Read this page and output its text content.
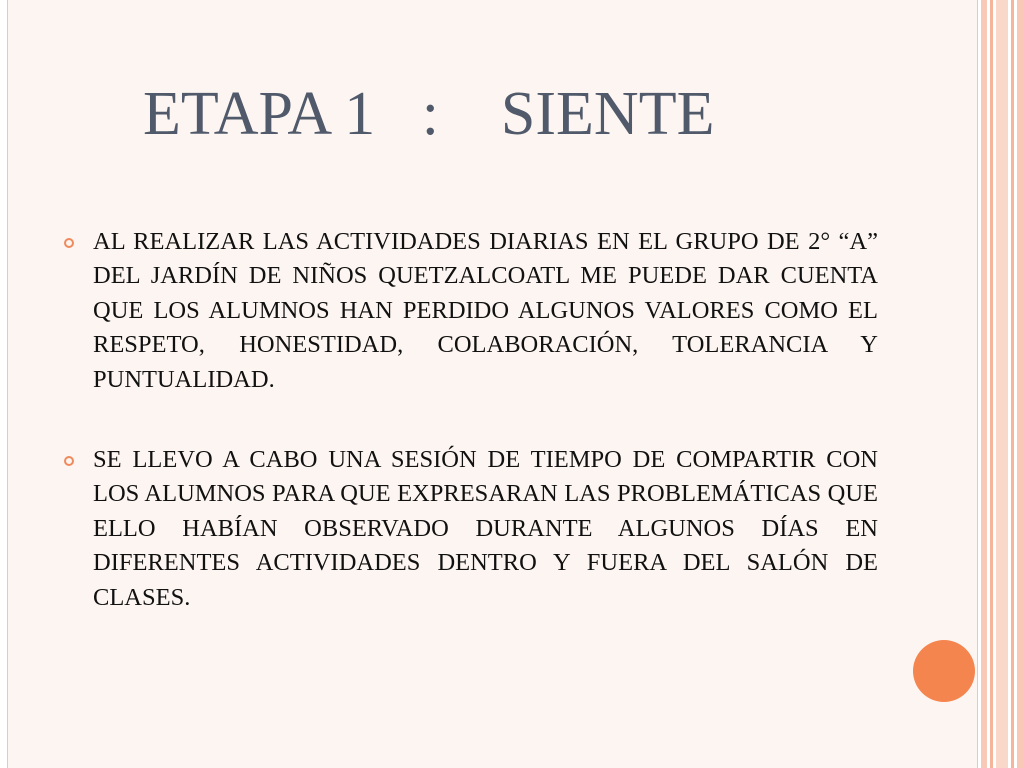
ETAPA 1   :    SIENTE
AL REALIZAR LAS ACTIVIDADES DIARIAS EN EL GRUPO DE 2° “A” DEL JARDÍN DE NIÑOS QUETZALCOATL ME PUEDE DAR CUENTA QUE LOS ALUMNOS HAN PERDIDO ALGUNOS VALORES COMO EL RESPETO, HONESTIDAD, COLABORACIÓN, TOLERANCIA Y PUNTUALIDAD.
SE LLEVO A CABO UNA SESIÓN DE TIEMPO DE COMPARTIR CON LOS ALUMNOS PARA QUE EXPRESARAN LAS PROBLEMÁTICAS QUE ELLO HABÍAN OBSERVADO DURANTE ALGUNOS DÍAS EN DIFERENTES ACTIVIDADES DENTRO Y FUERA DEL SALÓN DE CLASES.
